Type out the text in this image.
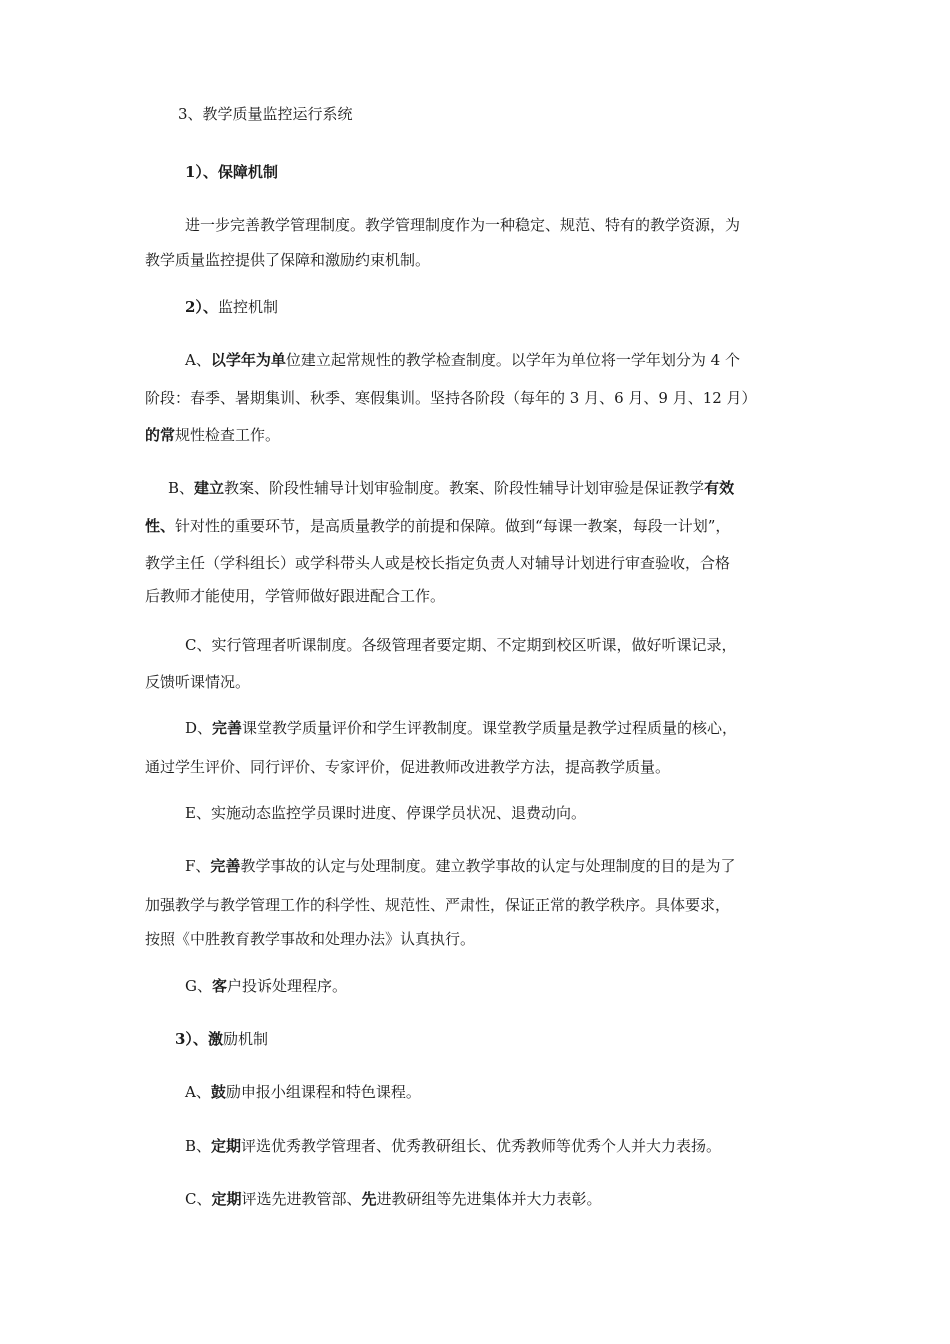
3、教学质量监控运行系统
1）、保障机制
进一步完善教学管理制度。教学管理制度作为一种稳定、规范、特有的教学资源，为
教学质量监控提供了保障和激励约束机制。
2）、监控机制
A、以学年为单位建立起常规性的教学检查制度。以学年为单位将一学年划分为 4 个
阶段：春季、暑期集训、秋季、寒假集训。坚持各阶段（每年的 3 月、6 月、9 月、12 月）
的常规性检查工作。
B、建立教案、阶段性辅导计划审验制度。教案、阶段性辅导计划审验是保证教学有效
性、针对性的重要环节，是高质量教学的前提和保障。做到“每课一教案，每段一计划”，
教学主任（学科组长）或学科带头人或是校长指定负责人对辅导计划进行审查验收，合格
后教师才能使用，学管师做好跟进配合工作。
C、实行管理者听课制度。各级管理者要定期、不定期到校区听课，做好听课记录，
反馈听课情况。
D、完善课堂教学质量评价和学生评教制度。课堂教学质量是教学过程质量的核心，
通过学生评价、同行评价、专家评价，促进教师改进教学方法，提高教学质量。
E、实施动态监控学员课时进度、停课学员状况、退费动向。
F、完善教学事故的认定与处理制度。建立教学事故的认定与处理制度的目的是为了
加强教学与教学管理工作的科学性、规范性、严肃性，保证正常的教学秩序。具体要求，
按照《中胜教育教学事故和处理办法》认真执行。
G、客户投诉处理程序。
3）、激励机制
A、鼓励申报小组课程和特色课程。
B、定期评选优秀教学管理者、优秀教研组长、优秀教师等优秀个人并大力表扬。
C、定期评选先进教管部、先进教研组等先进集体并大力表彰。
